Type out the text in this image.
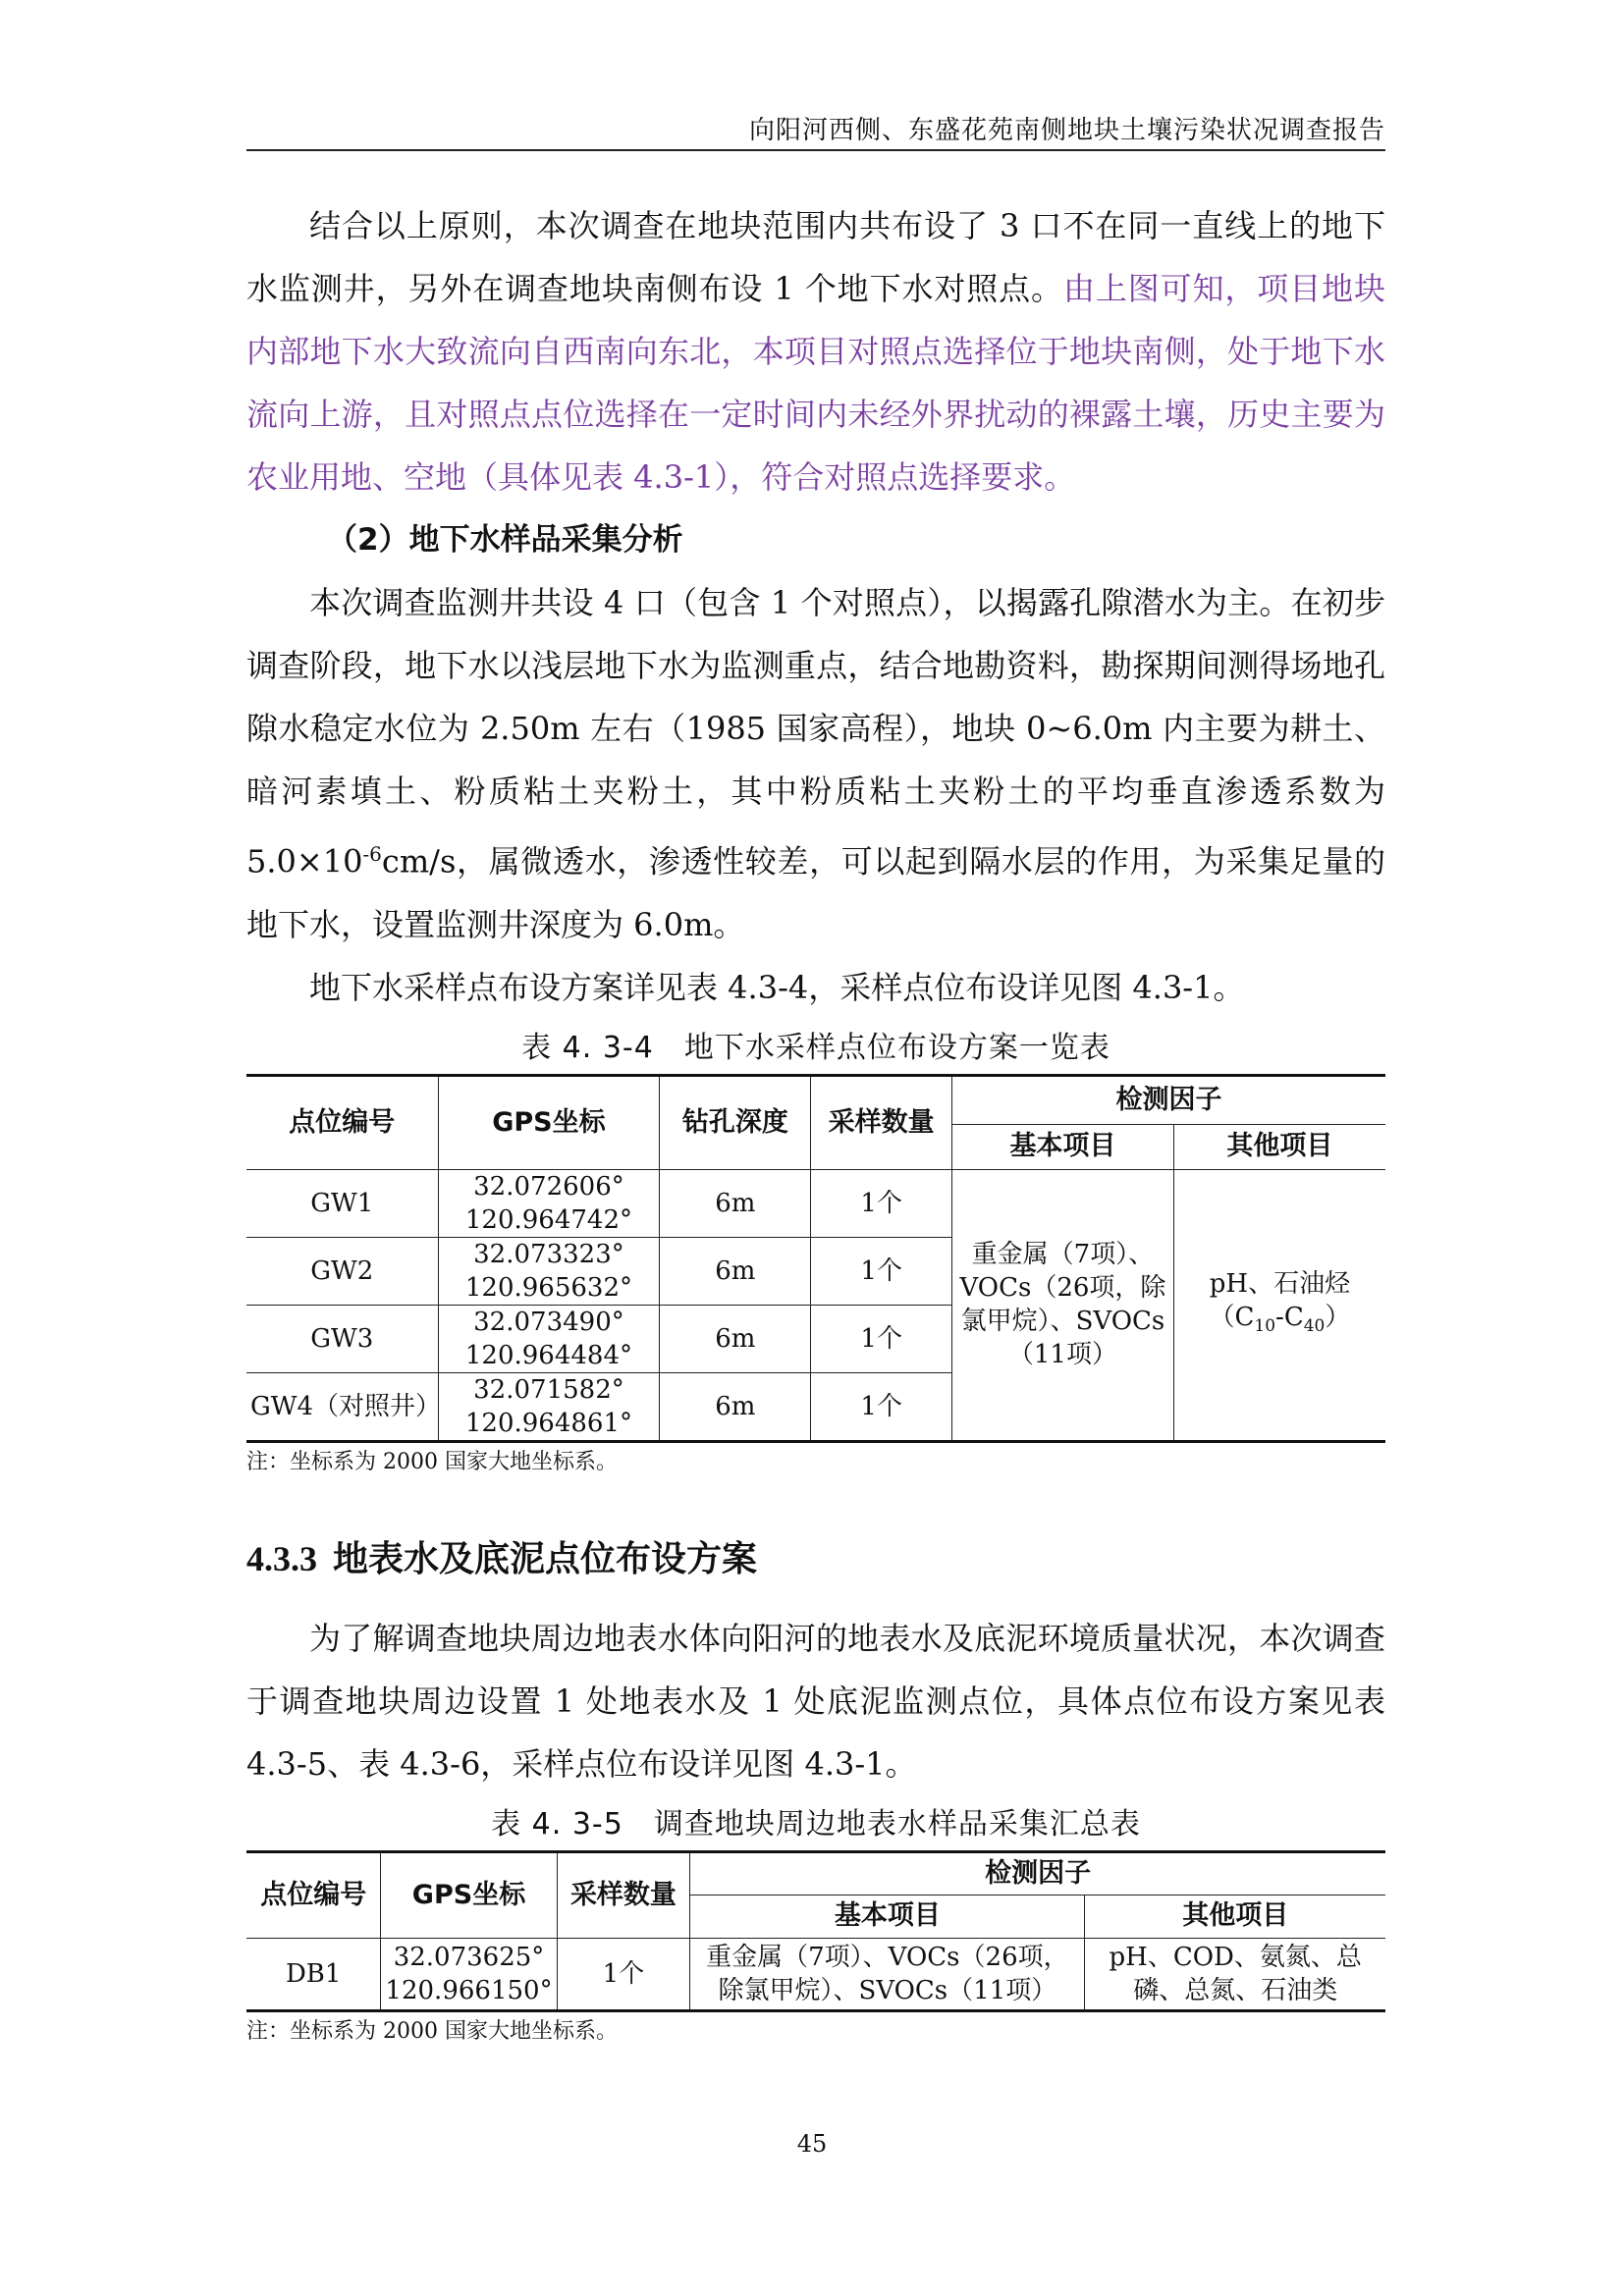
向阳河西侧、东盛花苑南侧地块土壤污染状况调查报告

结合以上原则，本次调查在地块范围内共布设了 3 口不在同一直线上的地下水监测井，另外在调查地块南侧布设 1 个地下水对照点。由上图可知，项目地块内部地下水大致流向自西南向东北，本项目对照点选择位于地块南侧，处于地下水流向上游，且对照点点位选择在一定时间内未经外界扰动的裸露土壤，历史主要为农业用地、空地（具体见表 4.3-1），符合对照点选择要求。

（2）地下水样品采集分析

本次调查监测井共设 4 口（包含 1 个对照点），以揭露孔隙潜水为主。在初步调查阶段，地下水以浅层地下水为监测重点，结合地勘资料，勘探期间测得场地孔隙水稳定水位为 2.50m 左右（1985 国家高程），地块 0~6.0m 内主要为耕土、暗河素填土、粉质粘土夹粉土，其中粉质粘土夹粉土的平均垂直渗透系数为 $5.0\times 10^{-6}cm/s$，属微透水，渗透性较差，可以起到隔水层的作用，为采集足量的地下水，设置监测井深度为 6.0m。

地下水采样点布设方案详见表 4.3-4，采样点位布设详见图 4.3-1。

表 4. 3-4　地下水采样点位布设方案一览表
点位编号	GPS坐标	钻孔深度	采样数量	检测因子	
				基本项目	其他项目
GW1	32.072606°
120.964742°	6m	1个	重金属（7项）、VOCs（26项，除氯甲烷）、SVOCs（11项）	pH、石油烃$(C_{10}-C_{40})$
GW2	32.073323°
120.965632°	6m	1个		
GW3	32.073490°
120.964484°	6m	1个		
GW4（对照井）	32.071582°
120.964861°	6m	1个		

注：坐标系为 2000 国家大地坐标系。

4.3.3 地表水及底泥点位布设方案

为了解调查地块周边地表水体向阳河的地表水及底泥环境质量状况，本次调查于调查地块周边设置 1 处地表水及 1 处底泥监测点位，具体点位布设方案见表 4.3-5、表 4.3-6，采样点位布设详见图 4.3-1。

表 4. 3-5　调查地块周边地表水样品采集汇总表
点位编号	GPS坐标	采样数量	检测因子	
			基本项目	其他项目
DB1	32.073625°
120.966150°	1个	重金属（7项）、VOCs（26项，除氯甲烷）、SVOCs（11项）	pH、COD、氨氮、总磷、总氮、石油类

注：坐标系为 2000 国家大地坐标系。

45
